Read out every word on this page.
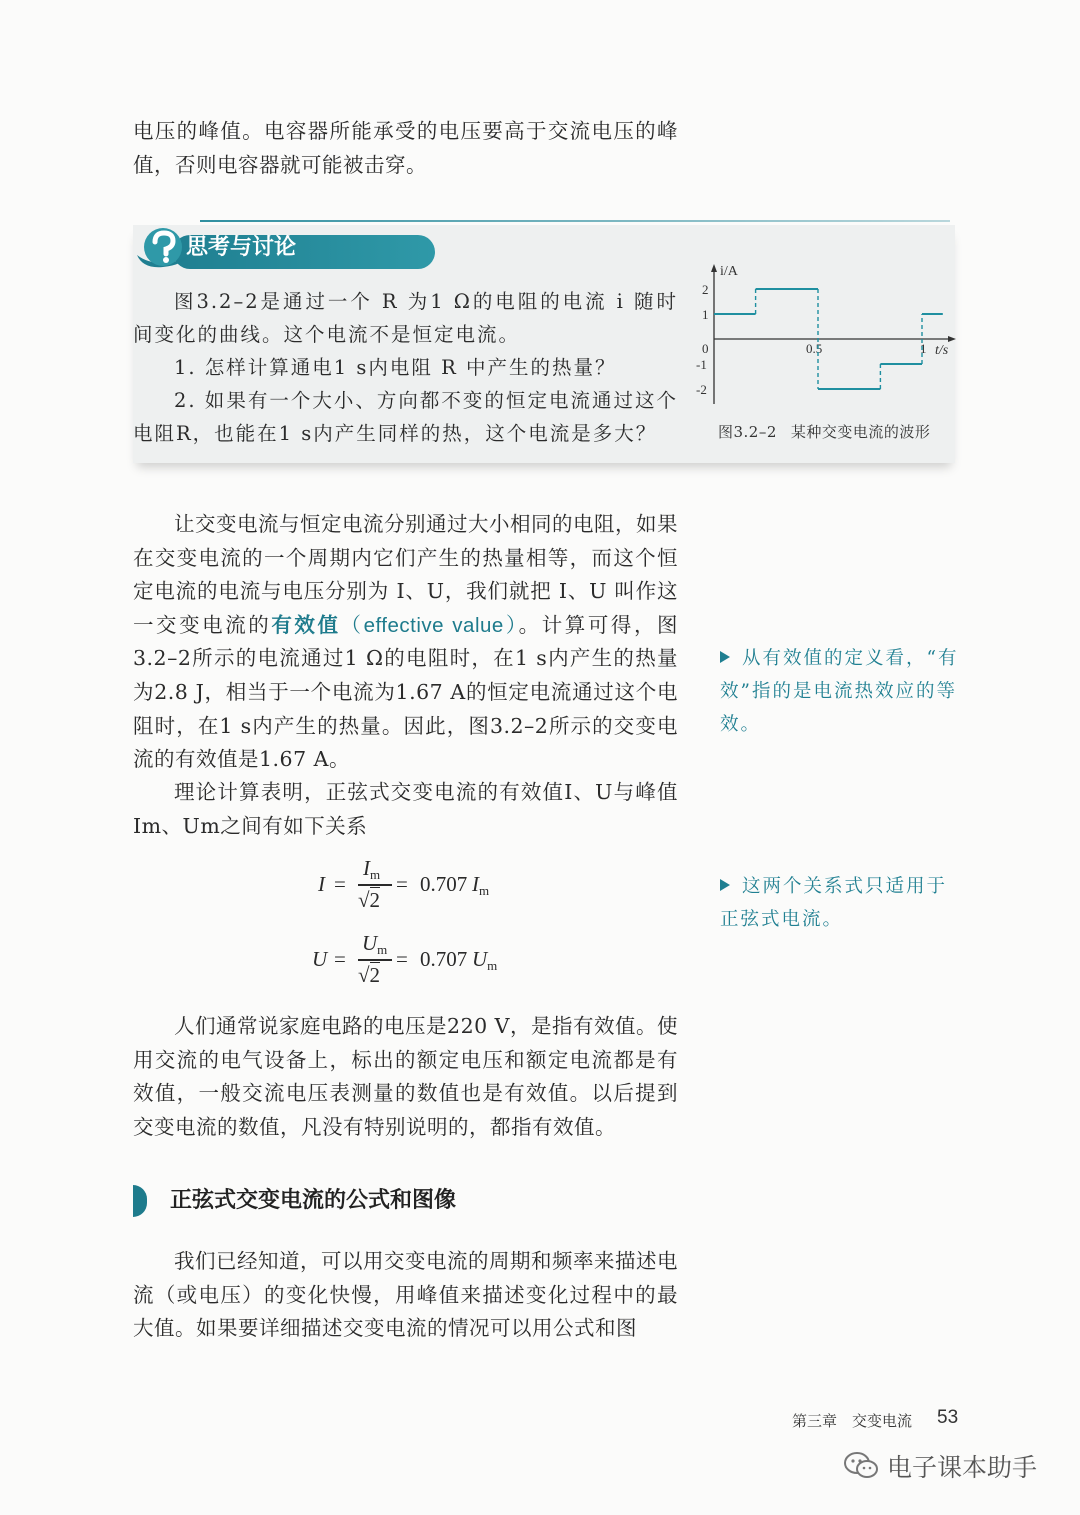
电压的峰值。电容器所能承受的电压要高于交流电压的峰值，否则电容器就可能被击穿。

思考与讨论

图3.2–2是通过一个 R 为1 Ω的电阻的电流 i 随时间变化的曲线。这个电流不是恒定电流。

1. 怎样计算通电1 s内电阻 R 中产生的热量？

2. 如果有一个大小、方向都不变的恒定电流通过这个电阻R，也能在1 s内产生同样的热，这个电流是多大？

i/A
t/s
0
2
1
-1
-2
0.5	1
图3.2–2 某种交变电流的波形

让交变电流与恒定电流分别通过大小相同的电阻，如果在交变电流的一个周期内它们产生的热量相等，而这个恒定电流的电流与电压分别为 I、U，我们就把 I、U 叫作这一交变电流的有效值（effective value）。计算可得，图3.2–2所示的电流通过1 Ω的电阻时，在1 s内产生的热量为2.8 J，相当于一个电流为1.67 A的恒定电流通过这个电阻时，在1 s内产生的热量。因此，图3.2–2所示的交变电流的有效值是1.67 A。

理论计算表明，正弦式交变电流的有效值I、U与峰值Im、Um之间有如下关系

I =
$I_m$
√2
= 0.707 $I_m$
U =
$U_m$
√2
= 0.707 $U_m$

从有效值的定义看，“有效”指的是电流热效应的等效。

这两个关系式只适用于正弦式电流。

人们通常说家庭电路的电压是220 V，是指有效值。使用交流的电气设备上，标出的额定电压和额定电流都是有效值，一般交流电压表测量的数值也是有效值。以后提到交变电流的数值，凡没有特别说明的，都指有效值。

正弦式交变电流的公式和图像

我们已经知道，可以用交变电流的周期和频率来描述电流（或电压）的变化快慢，用峰值来描述变化过程中的最大值。如果要详细描述交变电流的情况可以用公式和图

第三章　交变电流 53
电子课本助手
